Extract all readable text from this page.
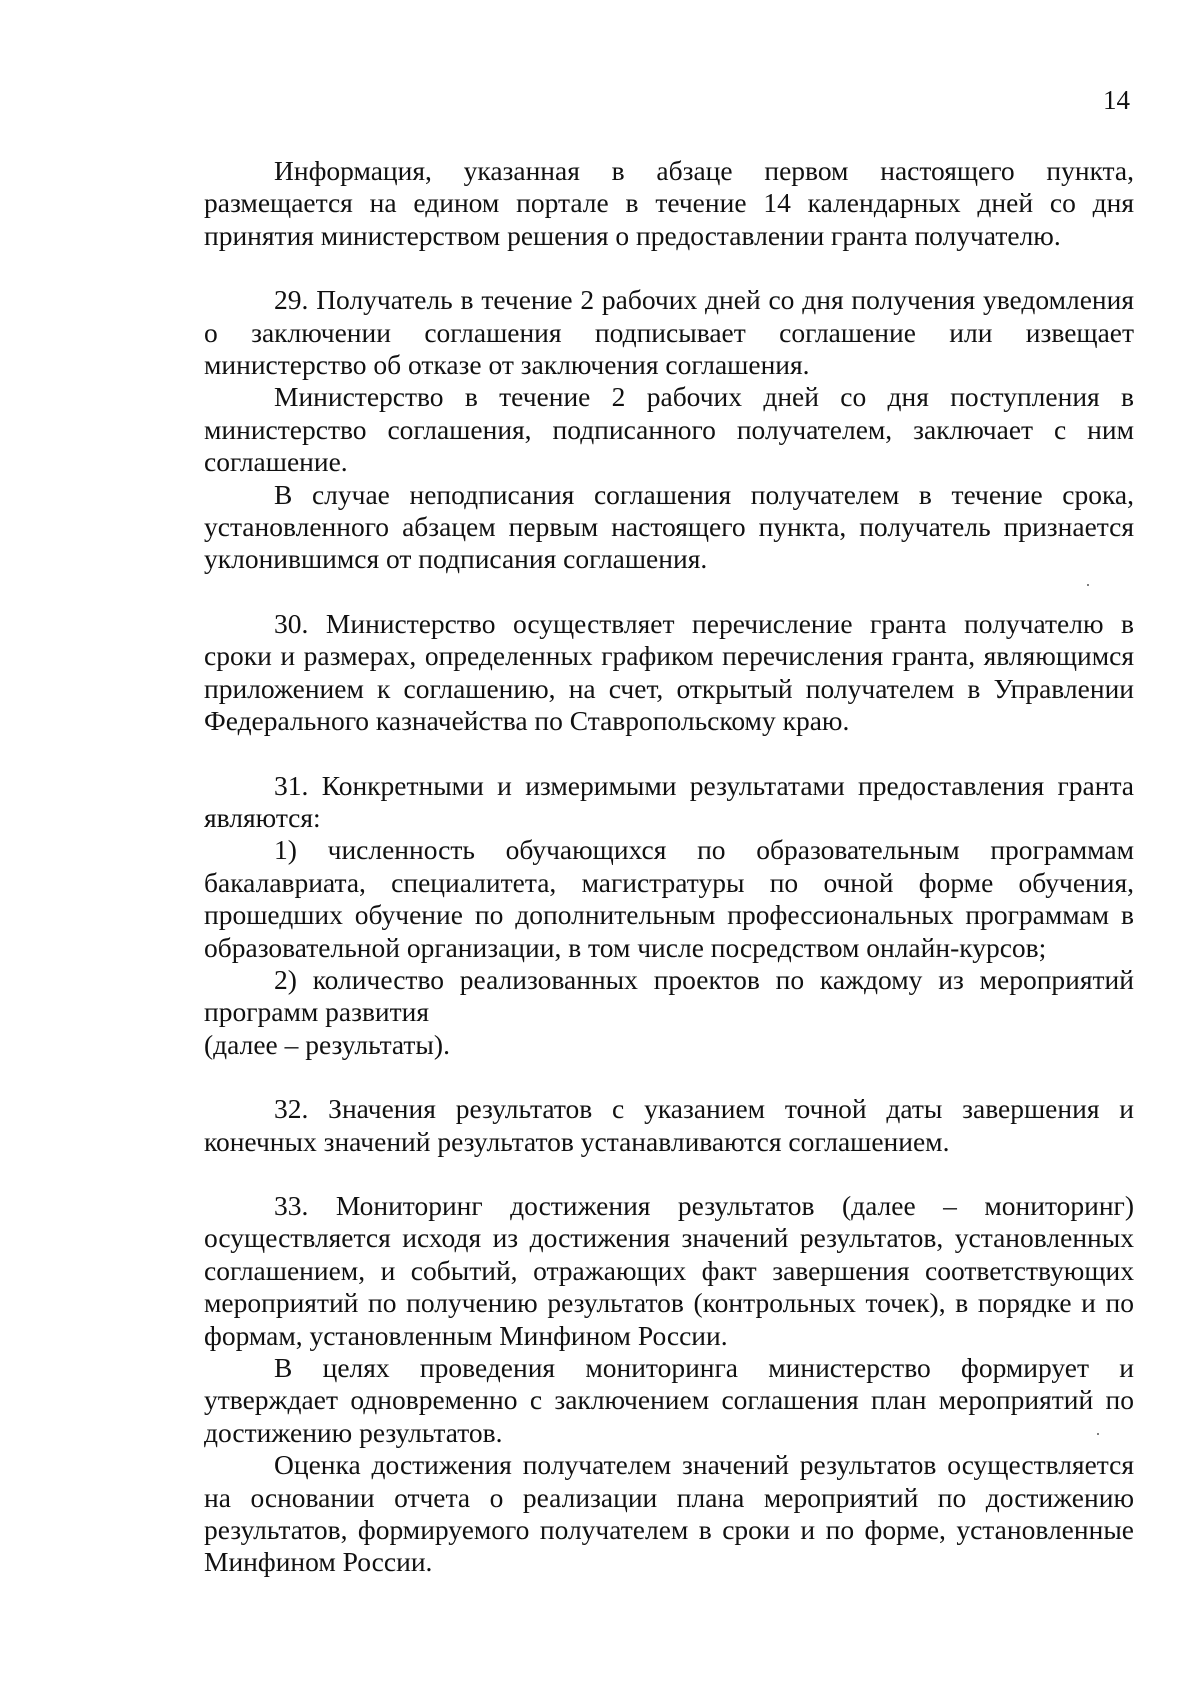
14

Информация, указанная в абзаце первом настоящего пункта, размещается на едином портале в течение 14 календарных дней со дня принятия министерством решения о предоставлении гранта получателю.

29. Получатель в течение 2 рабочих дней со дня получения уведомления о заключении соглашения подписывает соглашение или извещает министерство об отказе от заключения соглашения.

Министерство в течение 2 рабочих дней со дня поступления в министерство соглашения, подписанного получателем, заключает с ним соглашение.

В случае неподписания соглашения получателем в течение срока, установленного абзацем первым настоящего пункта, получатель признается уклонившимся от подписания соглашения.

30. Министерство осуществляет перечисление гранта получателю в сроки и размерах, определенных графиком перечисления гранта, являющимся приложением к соглашению, на счет, открытый получателем в Управлении Федерального казначейства по Ставропольскому краю.

31. Конкретными и измеримыми результатами предоставления гранта являются:

1) численность обучающихся по образовательным программам бакалавриата, специалитета, магистратуры по очной форме обучения, прошедших обучение по дополнительным профессиональных программам в образовательной организации, в том числе посредством онлайн-курсов;

2) количество реализованных проектов по каждому из мероприятий программ развития

(далее – результаты).

32. Значения результатов с указанием точной даты завершения и конечных значений результатов устанавливаются соглашением.

33. Мониторинг достижения результатов (далее – мониторинг) осуществляется исходя из достижения значений результатов, установленных соглашением, и событий, отражающих факт завершения соответствующих мероприятий по получению результатов (контрольных точек), в порядке и по формам, установленным Минфином России.

В целях проведения мониторинга министерство формирует и утверждает одновременно с заключением соглашения план мероприятий по достижению результатов.

Оценка достижения получателем значений результатов осуществляется на основании отчета о реализации плана мероприятий по достижению результатов, формируемого получателем в сроки и по форме, установленные Минфином России.
